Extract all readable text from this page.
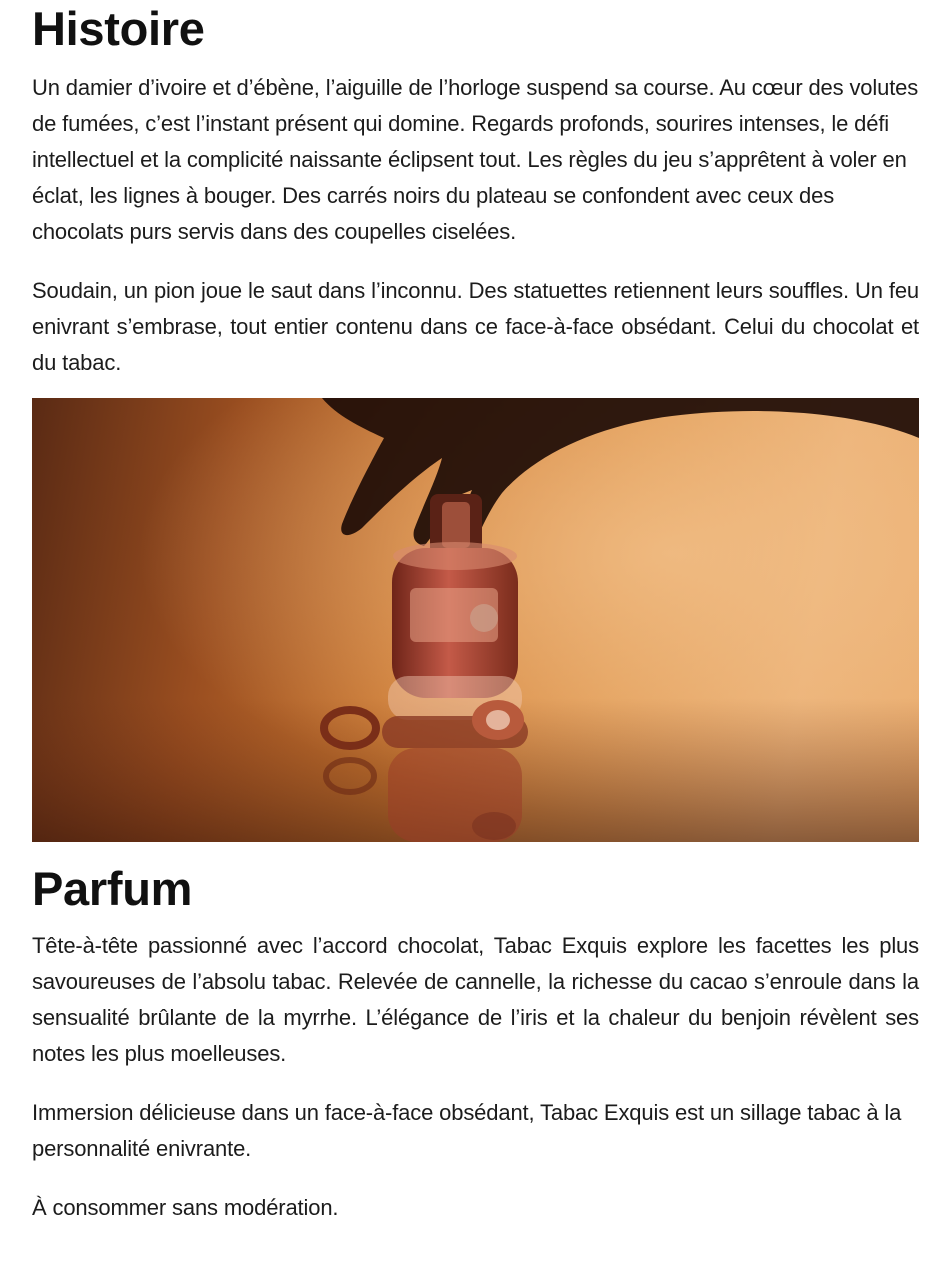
Histoire

Un damier d’ivoire et d’ébène, l’aiguille de l’horloge suspend sa course. Au cœur des volutes de fumées, c’est l’instant présent qui domine. Regards profonds, sourires intenses, le défi intellectuel et la complicité naissante éclipsent tout. Les règles du jeu s’apprêtent à voler en éclat, les lignes à bouger. Des carrés noirs du plateau se confondent avec ceux des chocolats purs servis dans des coupelles ciselées.

Soudain, un pion joue le saut dans l’inconnu. Des statuettes retiennent leurs souffles. Un feu enivrant s’embrase, tout entier contenu dans ce face-à-face obsédant. Celui du chocolat et du tabac.

Parfum

Tête-à-tête passionné avec l’accord chocolat, Tabac Exquis explore les facettes les plus savoureuses de l’absolu tabac. Relevée de cannelle, la richesse du cacao s’enroule dans la sensualité brûlante de la myrrhe. L’élégance de l’iris et la chaleur du benjoin révèlent ses notes les plus moelleuses.

Immersion délicieuse dans un face-à-face obsédant, Tabac Exquis est un sillage tabac à la personnalité enivrante.

À consommer sans modération.
